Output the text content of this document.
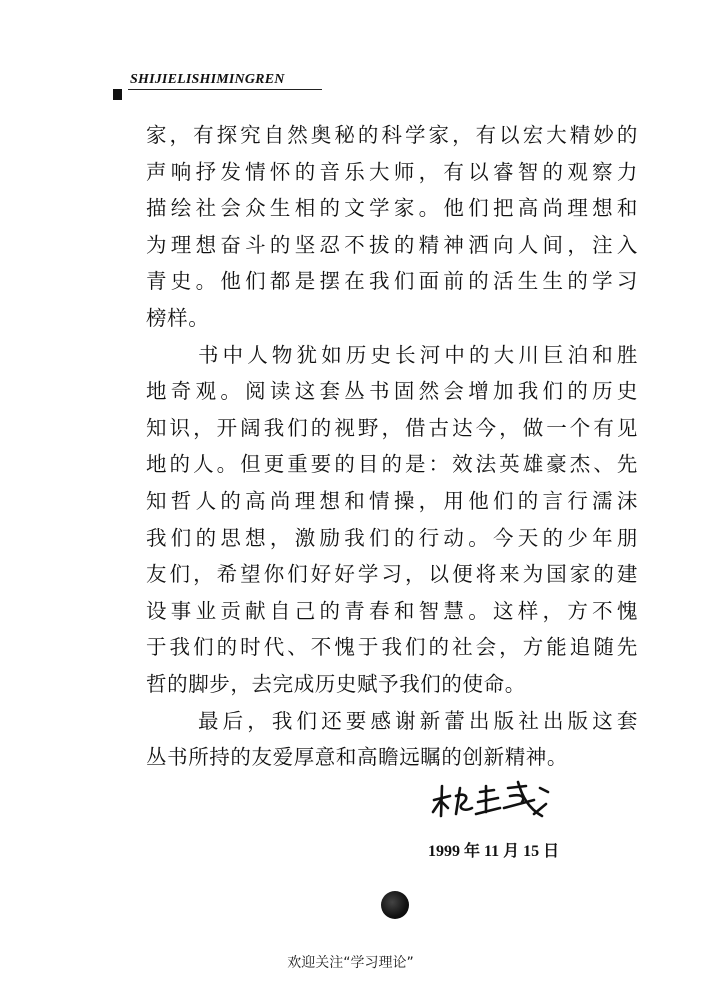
SHIJIELISHIMINGREN
家，有探究自然奥秘的科学家，有以宏大精妙的
声响抒发情怀的音乐大师，有以睿智的观察力
描绘社会众生相的文学家。他们把高尚理想和
为理想奋斗的坚忍不拔的精神洒向人间，注入
青史。他们都是摆在我们面前的活生生的学习
榜样。
书中人物犹如历史长河中的大川巨泊和胜
地奇观。阅读这套丛书固然会增加我们的历史
知识，开阔我们的视野，借古达今，做一个有见
地的人。但更重要的目的是：效法英雄豪杰、先
知哲人的高尚理想和情操，用他们的言行濡沫
我们的思想，激励我们的行动。今天的少年朋
友们，希望你们好好学习，以便将来为国家的建
设事业贡献自己的青春和智慧。这样，方不愧
于我们的时代、不愧于我们的社会，方能追随先
哲的脚步，去完成历史赋予我们的使命。
最后，我们还要感谢新蕾出版社出版这套
丛书所持的友爱厚意和高瞻远瞩的创新精神。
1999 年 11 月 15 日
欢迎关注“学习理论”
